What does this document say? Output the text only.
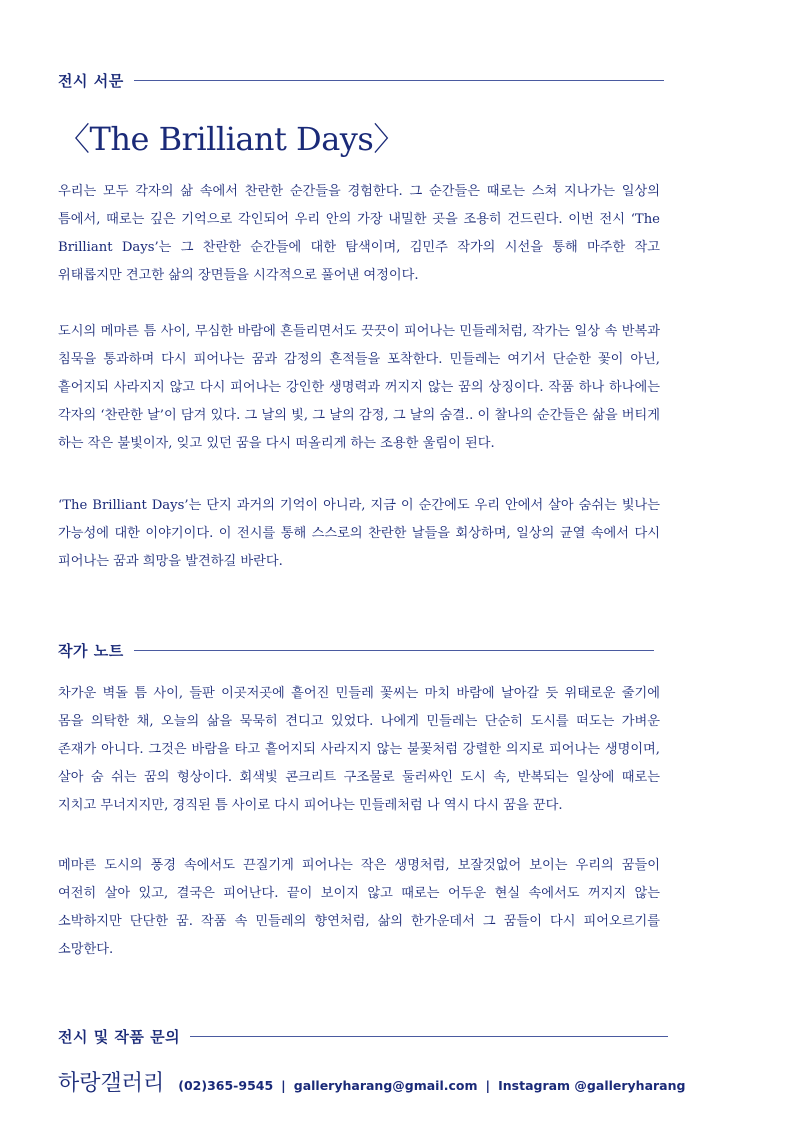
전시 서문
〈The Brilliant Days〉

우리는 모두 각자의 삶 속에서 찬란한 순간들을 경험한다. 그 순간들은 때로는 스쳐 지나가는 일상의 틈에서, 때로는 깊은 기억으로 각인되어 우리 안의 가장 내밀한 곳을 조용히 건드린다. 이번 전시 ‘The Brilliant Days’는 그 찬란한 순간들에 대한 탐색이며, 김민주 작가의 시선을 통해 마주한 작고 위태롭지만 견고한 삶의 장면들을 시각적으로 풀어낸 여정이다.

도시의 메마른 틈 사이, 무심한 바람에 흔들리면서도 끗끗이 피어나는 민들레처럼, 작가는 일상 속 반복과 침묵을 통과하며 다시 피어나는 꿈과 감정의 흔적들을 포착한다. 민들레는 여기서 단순한 꽃이 아닌, 흩어지되 사라지지 않고 다시 피어나는 강인한 생명력과 꺼지지 않는 꿈의 상징이다. 작품 하나 하나에는 각자의 ‘찬란한 날’이 담겨 있다. 그 날의 빛, 그 날의 감정, 그 날의 숨결.. 이 찰나의 순간들은 삶을 버티게 하는 작은 불빛이자, 잊고 있던 꿈을 다시 떠올리게 하는 조용한 울림이 된다.

‘The Brilliant Days’는 단지 과거의 기억이 아니라, 지금 이 순간에도 우리 안에서 살아 숨쉬는 빛나는 가능성에 대한 이야기이다. 이 전시를 통해 스스로의 찬란한 날들을 회상하며, 일상의 균열 속에서 다시 피어나는 꿈과 희망을 발견하길 바란다.

작가 노트

차가운 벽돌 틈 사이, 들판 이곳저곳에 흩어진 민들레 꽃씨는 마치 바람에 날아갈 듯 위태로운 줄기에 몸을 의탁한 채, 오늘의 삶을 묵묵히 견디고 있었다. 나에게 민들레는 단순히 도시를 떠도는 가벼운 존재가 아니다. 그것은 바람을 타고 흩어지되 사라지지 않는 불꽃처럼 강렬한 의지로 피어나는 생명이며, 살아 숨 쉬는 꿈의 형상이다. 회색빛 콘크리트 구조물로 둘러싸인 도시 속, 반복되는 일상에 때로는 지치고 무너지지만, 경직된 틈 사이로 다시 피어나는 민들레처럼 나 역시 다시 꿈을 꾼다.

메마른 도시의 풍경 속에서도 끈질기게 피어나는 작은 생명처럼, 보잘것없어 보이는 우리의 꿈들이 여전히 살아 있고, 결국은 피어난다. 끝이 보이지 않고 때로는 어두운 현실 속에서도 꺼지지 않는 소박하지만 단단한 꿈. 작품 속 민들레의 향연처럼, 삶의 한가운데서 그 꿈들이 다시 피어오르기를 소망한다.

전시 및 작품 문의
하랑갤러리 (02)365-9545 | galleryharang@gmail.com | Instagram @galleryharang
